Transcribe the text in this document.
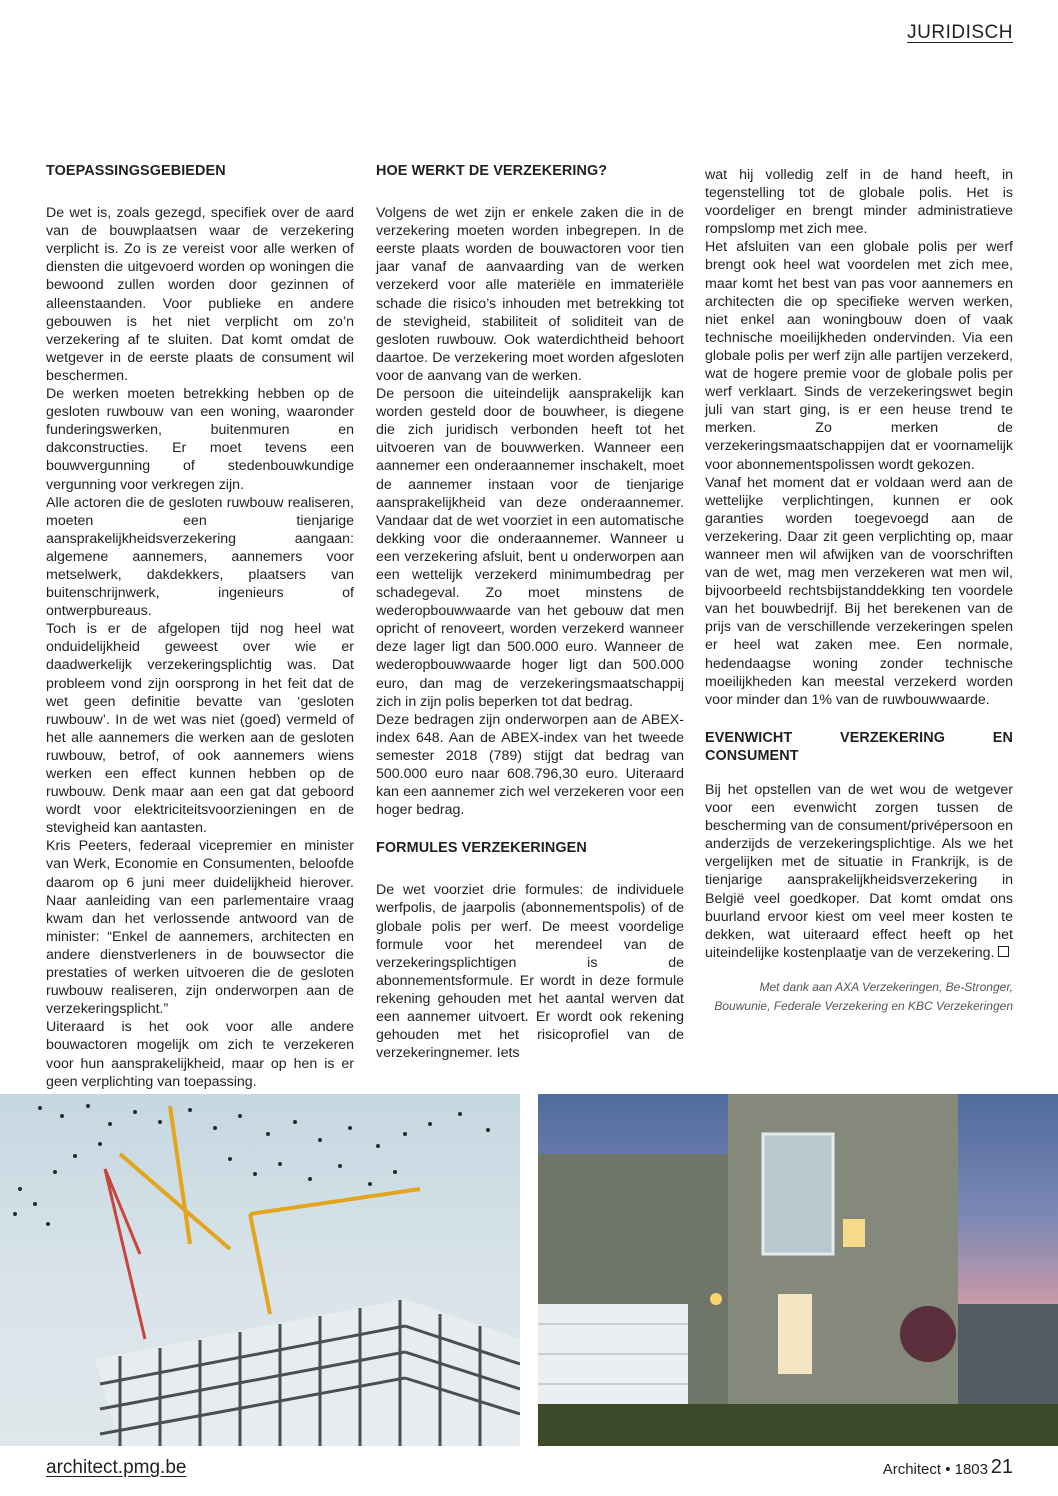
JURIDISCH
TOEPASSINGSGEBIEDEN

De wet is, zoals gezegd, specifiek over de aard van de bouwplaatsen waar de verzekering verplicht is. Zo is ze vereist voor alle werken of diensten die uitgevoerd worden op woningen die bewoond zullen worden door gezinnen of alleenstaanden. Voor publieke en andere gebouwen is het niet verplicht om zo’n verzekering af te sluiten. Dat komt omdat de wetgever in de eerste plaats de consument wil beschermen.

De werken moeten betrekking hebben op de gesloten ruwbouw van een woning, waaronder funderingswerken, buitenmuren en dakconstructies. Er moet tevens een bouwvergunning of stedenbouwkundige vergunning voor verkregen zijn.

Alle actoren die de gesloten ruwbouw realiseren, moeten een tienjarige aansprakelijkheidsverzekering aangaan: algemene aannemers, aannemers voor metselwerk, dakdekkers, plaatsers van buitenschrijnwerk, ingenieurs of ontwerpbureaus.

Toch is er de afgelopen tijd nog heel wat onduidelijkheid geweest over wie er daadwerkelijk verzekeringsplichtig was. Dat probleem vond zijn oorsprong in het feit dat de wet geen definitie bevatte van ‘gesloten ruwbouw’. In de wet was niet (goed) vermeld of het alle aannemers die werken aan de gesloten ruwbouw, betrof, of ook aannemers wiens werken een effect kunnen hebben op de ruwbouw. Denk maar aan een gat dat geboord wordt voor elektriciteitsvoorzieningen en de stevigheid kan aantasten.

Kris Peeters, federaal vicepremier en minister van Werk, Economie en Consumenten, beloofde daarom op 6 juni meer duidelijkheid hierover. Naar aanleiding van een parlementaire vraag kwam dan het verlossende antwoord van de minister: “Enkel de aannemers, architecten en andere dienstverleners in de bouwsector die prestaties of werken uitvoeren die de gesloten ruwbouw realiseren, zijn onderworpen aan de verzekeringsplicht.”

Uiteraard is het ook voor alle andere bouwactoren mogelijk om zich te verzekeren voor hun aansprakelijkheid, maar op hen is er geen verplichting van toepassing.

HOE WERKT DE VERZEKERING?

Volgens de wet zijn er enkele zaken die in de verzekering moeten worden inbegrepen. In de eerste plaats worden de bouwactoren voor tien jaar vanaf de aanvaarding van de werken verzekerd voor alle materiële en immateriële schade die risico’s inhouden met betrekking tot de stevigheid, stabiliteit of soliditeit van de gesloten ruwbouw. Ook waterdichtheid behoort daartoe. De verzekering moet worden afgesloten voor de aanvang van de werken.

De persoon die uiteindelijk aansprakelijk kan worden gesteld door de bouwheer, is diegene die zich juridisch verbonden heeft tot het uitvoeren van de bouwwerken. Wanneer een aannemer een onderaannemer inschakelt, moet de aannemer instaan voor de tienjarige aansprakelijkheid van deze onderaannemer. Vandaar dat de wet voorziet in een automatische dekking voor die onderaannemer. Wanneer u een verzekering afsluit, bent u onderworpen aan een wettelijk verzekerd minimumbedrag per schadegeval. Zo moet minstens de wederopbouwwaarde van het gebouw dat men opricht of renoveert, worden verzekerd wanneer deze lager ligt dan 500.000 euro. Wanneer de wederopbouwwaarde hoger ligt dan 500.000 euro, dan mag de verzekeringsmaatschappij zich in zijn polis beperken tot dat bedrag.

Deze bedragen zijn onderworpen aan de ABEX-index 648. Aan de ABEX-index van het tweede semester 2018 (789) stijgt dat bedrag van 500.000 euro naar 608.796,30 euro. Uiteraard kan een aannemer zich wel verzekeren voor een hoger bedrag.

FORMULES VERZEKERINGEN

De wet voorziet drie formules: de individuele werfpolis, de jaarpolis (abonnementspolis) of de globale polis per werf. De meest voordelige formule voor het merendeel van de verzekeringsplichtigen is de abonnementsformule. Er wordt in deze formule rekening gehouden met het aantal werven dat een aannemer uitvoert. Er wordt ook rekening gehouden met het risicoprofiel van de verzekeringnemer. Iets

wat hij volledig zelf in de hand heeft, in tegenstelling tot de globale polis. Het is voordeliger en brengt minder administratieve rompslomp met zich mee.

Het afsluiten van een globale polis per werf brengt ook heel wat voordelen met zich mee, maar komt het best van pas voor aannemers en architecten die op specifieke werven werken, niet enkel aan woningbouw doen of vaak technische moeilijkheden ondervinden. Via een globale polis per werf zijn alle partijen verzekerd, wat de hogere premie voor de globale polis per werf verklaart. Sinds de verzekeringswet begin juli van start ging, is er een heuse trend te merken. Zo merken de verzekeringsmaatschappijen dat er voornamelijk voor abonnementspolissen wordt gekozen.

Vanaf het moment dat er voldaan werd aan de wettelijke verplichtingen, kunnen er ook garanties worden toegevoegd aan de verzekering. Daar zit geen verplichting op, maar wanneer men wil afwijken van de voorschriften van de wet, mag men verzekeren wat men wil, bijvoorbeeld rechtsbijstanddekking ten voordele van het bouwbedrijf. Bij het berekenen van de prijs van de verschillende verzekeringen spelen er heel wat zaken mee. Een normale, hedendaagse woning zonder technische moeilijkheden kan meestal verzekerd worden voor minder dan 1% van de ruwbouwwaarde.

EVENWICHT VERZEKERING EN CONSUMENT

Bij het opstellen van de wet wou de wetgever voor een evenwicht zorgen tussen de bescherming van de consument/privépersoon en anderzijds de verzekeringsplichtige. Als we het vergelijken met de situatie in Frankrijk, is de tienjarige aansprakelijkheidsverzekering in België veel goedkoper. Dat komt omdat ons buurland ervoor kiest om veel meer kosten te dekken, wat uiteraard effect heeft op het uiteindelijke kostenplaatje van de verzekering.

Met dank aan AXA Verzekeringen, Be-Stronger, Bouwunie, Federale Verzekering en KBC Verzekeringen
architect.pmg.be	Architect • 1803 21
